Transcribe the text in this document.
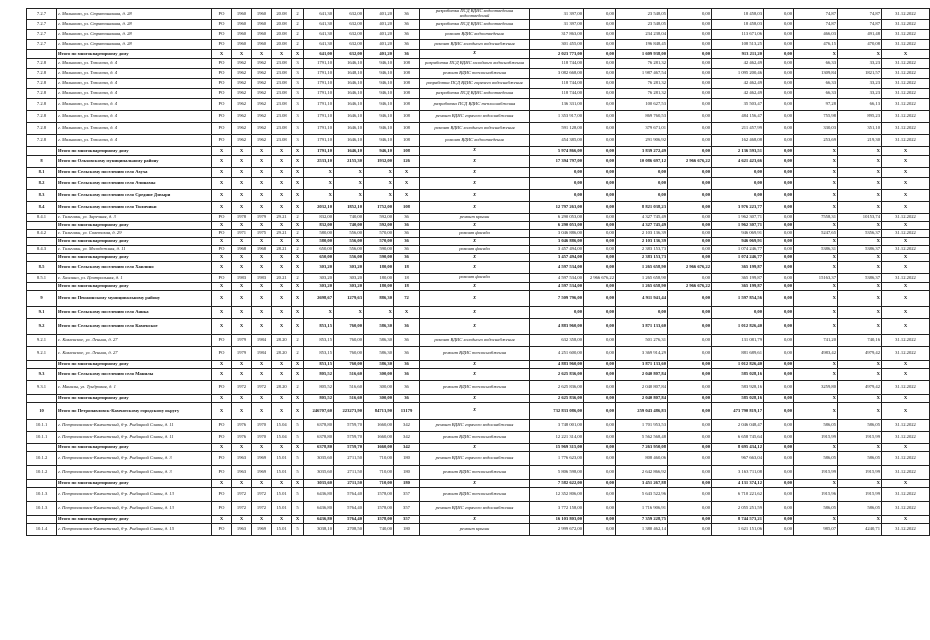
7.2.7	г. Малыково, ул. Стратонавная, д. 28	РО	1960	1960	20.08	2	641,30	632,00	401,20	36	разработка ПСД ВДИС водоотведения водоотведений	31 397,00	0,00	23 548,05	0,00	18 458,03	0,00	74,87	74,87	31.12.2022
7.2.7	г. Малыково, ул. Стратонавная, д. 28	РО	1960	1960	20.08	2	641,30	632,00	401,20	36	разработка ПСД ВДИС водоотведения	31 397,00	0,00	23 548,05	0,00	18 458,03	0,00	74,87	74,87	31.12.2022
7.2.7	г. Малыково, ул. Стратонавная, д. 28	РО	1960	1960	20.08	2	641,30	632,00	401,20	36	ремонт ВДИС водоотведения	317 863,00	0,00	234 238,04	0,00	113 671,06	0,00	466,03	491,48	31.12.2022
7.2.7	г. Малыково, ул. Стратонавная, д. 28	РО	1960	1960	20.08	2	641,30	632,00	401,20	36	ремонт ВДИС холодного водоснабжения	301 455,00	0,00	196 848,45	0,00	108 513,25	0,00	476,15	470,08	31.12.2022
	Итого по многоквартирному дому	Х	Х	Х	Х	Х	641,00	632,00	401,20	36	Х	2 023 773,00	0,00	1 609 938,00	0,00	913 211,20	0,00	Х	Х	Х
7.2.8	г. Малыково, ул. Тополева, д. 4	РО	1962	1962	23.08	3	1791,10	1646,10	946,10	108	разработка ПСД ВДИС холодного водоснабжения	118 744,00	0,00	76 281,32	0,00	42 462,49	0,00	66,33	33,23	31.12.2022
7.2.8	г. Малыково, ул. Тополева, д. 4	РО	1962	1962	23.08	3	1791,10	1648,10	946,10	108	ремонт ВДИС теплоснабжения	3 082 668,00	0,00	1 987 467,54	0,00	1 095 200,46	0,00	1309,84	1821,57	31.12.2022
7.2.8	г. Малыково, ул. Тополева, д. 4	РО	1962	1962	23.08	3	1791,10	1646,10	946,10	108	разработка ПСД ВДИС горячего водоснабжения	118 744,00	0,00	76 281,32	0,00	42 462,49	0,00	66,33	33,23	31.12.2022
7.2.8	г. Малыково, ул. Тополева, д. 4	РО	1962	1962	23.08	3	1791,10	1646,10	946,10	108	разработка ПСД ВДИС водоотведения	118 744,00	0,00	76 281,32	0,00	42 462,49	0,00	66,33	33,23	31.12.2022
7.2.8	г. Малыково, ул. Тополева, д. 4	РО	1962	1962	23.08	3	1791,10	1646,10	946,10	108	разработка ПСД ВДИС теплоснабжения	136 331,00	0,00	100 627,53	0,00	35 503,47	0,00	97,28	66,13	31.12.2022
7.2.8	г. Малыково, ул. Тополева, д. 4	РО	1962	1962	23.08	3	1791,10	1646,10	946,10	108	ремонт ВДИС горячего водоснабжения	1 353 917,00	0,00	869 760,53	0,00	484 156,47	0,00	755,98	895,23	31.12.2022
7.2.8	г. Малыково, ул. Тополева, д. 4	РО	1962	1962	23.08	3	1791,10	1646,10	946,10	108	ремонт ВДИС холодного водоснабжения	591 128,00	0,00	379 671,01	0,00	211 457,99	0,00	330,03	351,10	31.12.2022
7.2.8	г. Малыково, ул. Тополева, д. 4	РО	1962	1962	23.08	3	1791,10	1646,10	946,10	108	ремонт ВДИС водоотведения	454 385,00	0,00	291 906,92	0,00	162 468,08	0,00	253,69	219,30	31.12.2022
	Итого по многоквартирному дому	Х	Х	Х	Х	Х	1791,10	1646,10	946,10	108	Х	5 974 866,00	0,00	3 839 272,49	0,00	2 136 593,51	0,00	Х	Х	Х
8	Итого по Ольховскому муниципальному району	Х	Х	Х	Х	Х	2533,10	2155,30	1932,00	126	Х	17 394 797,00	0,00	10 086 697,12	2 966 676,22	4 621 423,66	0,00	Х	Х	Х
8.1	Итого по Сельскому поселению село Ахуха	Х	Х	Х	Х	Х	Х	Х	Х	Х	Х	0,00	0,00	0,00	0,00	0,00	0,00	Х	Х	Х
8.2	Итого по Сельскому поселению село Ачинамы	Х	Х	Х	Х	Х	Х	Х	Х	Х	Х	0,00	0,00	0,00	0,00	0,00	0,00	Х	Х	Х
8.3	Итого по Сельскому поселению село Средние Дэвыри	Х	Х	Х	Х	Х	Х	Х	Х	Х	Х	0,00	0,00	0,00	0,00	0,00	0,00	Х	Х	Х
8.4	Итого по Сельскому поселению село Тиличики	Х	Х	Х	Х	Х	2032,10	1852,10	1752,00	108	Х	12 797 263,00	0,00	8 821 038,23	0,00	3 976 223,77	0,00	Х	Х	Х
8.4.1	с. Тиличики, ул. Заречная, д. 3	РО	1978	1979	29.21	2	832,00	740,00	592,00	36	ремонт крыши	6 290 053,00	0,00	4 327 745,49	0,00	1 962 307,71	0,00	7558,31	10153,74	31.12.2022
	Итого по многоквартирному дому	Х	Х	Х	Х	Х	832,00	740,00	592,00	36	Х	6 290 053,00	0,00	4 327 745,49	0,00	1 962 307,71	0,00	Х	Х	Х
8.4.2	с. Тиличики, ул. Советская, д. 29	РО	1971	1975	29.21	2	580,00	556,00	570,00	36	ремонт фасада	3 046 886,00	0,00	2 103 136,39	0,00	946 069,91	0,00	5247,65	5356,37	31.12.2022
	Итого по многоквартирному дому	Х	Х	Х	Х	Х	580,00	556,00	570,00	36	Х	3 046 886,00	0,00	2 103 136,39	0,00	946 069,91	0,00	Х	Х	Х
8.4.3	с. Тиличики, ул. Молодежная, д. 11	РО	1968	1968	28.21	2	650,00	556,00	590,00	36	ремонт фасада	3 457 494,00	0,00	2 383 153,73	0,00	1 074 246,77	0,00	5386,31	5386,37	31.12.2022
	Итого по многоквартирному дому	Х	Х	Х	Х	Х	650,00	556,00	590,00	36	Х	3 457 494,00	0,00	2 383 153,73	0,00	1 074 246,77	0,00	Х	Х	Х
8.5	Итого по Сельскому поселению село Хаилино	Х	Х	Х	Х	Х	303,20	303,20	180,00	18	Х	4 597 534,00	0,00	1 265 658,90	2 966 676,22	365 199,87	0,00	Х	Х	Х
8.5.1	с. Хаилино, ул. Центральная, д. 1	РО	1983	1983	20.21	2	303,20	303,20	180,00	18	ремонт фасада	4 597 534,00	2 966 676,22	1 265 658,90	0,00	365 199,87	0,00	15163,37	5386,37	31.12.2022
	Итого по многоквартирному дому	Х	Х	Х	Х	Х	303,20	303,20	180,00	18	Х	4 597 534,00	0,00	1 265 658,90	2 966 676,22	365 199,87	0,00	Х	Х	Х
9	Итого по Пенжинскому муниципальному району	Х	Х	Х	Х	Х	2698,67	1279,63	886,30	72	Х	7 509 796,00	0,00	4 911 941,44	0,00	1 597 854,56	0,00	Х	Х	Х
9.1	Итого по Сельскому поселению село Аянка	Х	Х	Х	Х	Х	Х	Х	Х	Х	Х	0,00	0,00	0,00	0,00	0,00	0,00	Х	Х	Х
9.2	Итого по Сельскому поселению село Каменское	Х	Х	Х	Х	Х	853,15	760,00	586,30	36	Х	4 883 960,00	0,00	3 871 133,60	0,00	1 012 826,40	0,00	Х	Х	Х
9.2.1	с. Каменское, ул. Ленина, д. 27	РО	1979	1984	28.20	2	853,15	760,00	586,30	36	ремонт ВДИС холодного водоснабжения	632 358,00	0,00	501 276,31	0,00	131 081,79	0,00	741,20	740,16	31.12.2022
9.2.1	с. Каменское, ул. Ленина, д. 27	РО	1979	1984	28.20	2	853,15	760,00	586,30	36	ремонт ВДИС теплоснабжения	4 251 600,00	0,00	3 369 914,29	0,00	881 689,61	0,00	4983,42	4979,42	31.12.2022
	Итого по многоквартирному дому	Х	Х	Х	Х	Х	853,15	760,00	586,30	36	Х	4 883 960,00	0,00	3 871 133,60	0,00	1 012 826,40	0,00	Х	Х	Х
9.3	Итого по Сельскому поселению село Манилы	Х	Х	Х	Х	Х	805,52	516,60	300,00	36	Х	2 625 836,00	0,00	2 040 807,84	0,00	585 028,16	0,00	Х	Х	Х
9.3.1	с. Манилы, ул. Тундровая, д. 1	РО	1972	1972	28.20	2	805,52	516,60	300,00	36	ремонт ВДИС теплоснабжения	2 625 836,00	0,00	2 040 807,84	0,00	583 928,16	0,00	3259,80	4979,42	31.12.2022
	Итого по многоквартирному дому	Х	Х	Х	Х	Х	805,52	516,60	300,00	36	Х	2 625 836,00	0,00	2 040 807,84	0,00	585 028,16	0,00	Х	Х	Х
10	Итого по Петропавловск-Камчатскому городскому округу	Х	Х	Х	Х	Х	246707,60	223273,90	84713,90	13179	Х	732 833 086,00	0,00	259 043 486,83	0,00	473 790 819,17	0,00	Х	Х	Х
10.1.1	г. Петропавловск-Камчатский, б-р. Рыбацкой Славы, д. 11	РО	1976	1970	15.04	5	6378,80	5759,70	1660,00	342	ремонт ВДИС горячего водоснабжения	3 748 001,00	0,00	1 701 953,53	0,00	2 046 048,47	0,00	586,05	586,05	31.12.2022
10.1.1	г. Петропавловск-Камчатский, б-р. Рыбацкой Славы, д. 11	РО	1976	1970	15.04	5	6378,80	5759,70	1660,00	342	ремонт ВДИС теплоснабжения	12 221 314,00	0,00	5 562 568,48	0,00	6 658 745,64	0,00	1915,99	1915,99	31.12.2022
	Итого по многоквартирному дому	Х	Х	Х	Х	Х	6378,80	5759,70	1660,00	342	Х	15 969 315,00	0,00	7 263 950,08	0,00	8 695 434,12	0,00	Х	Х	Х
10.1.2	г. Петропавловск-Камчатский, б-р. Рыбацкой Славы, д. 3	РО	1963	1969	15.01	5	3035,60	2711,50	710,00	180	ремонт ВДИС горячего водоснабжения	1 776 623,00	0,00	808 460,06	0,00	967 663,04	0,00	586,05	586,05	31.12.2022
10.1.2	г. Петропавловск-Камчатский, б-р. Рыбацкой Славы, д. 3	РО	1963	1969	15.01	5	3035,60	2711,50	710,00	180	ремонт ВДИС теплоснабжения	5 806 598,00	0,00	2 642 866,92	0,00	3 163 711,08	0,00	1915,99	1915,99	31.12.2022
	Итого по многоквартирному дому	Х	Х	Х	Х	Х	3035,60	2711,50	710,00	180	Х	7 582 622,00	0,00	3 451 267,88	0,00	4 131 374,12	0,00	Х	Х	Х
10.1.3	г. Петропавловск-Камчатский, б-р. Рыбацкой Славы, д. 13	РО	1972	1972	15.01	5	6436,80	5764,40	1578,00	357	ремонт ВДИС теплоснабжения	12 352 806,00	0,00	5 643 522,96	0,00	6 710 221,62	0,00	1915,96	1915,99	31.12.2022
10.1.3	г. Петропавловск-Камчатский, б-р. Рыбацкой Славы, д. 13	РО	1972	1972	15.01	5	6436,80	5764,40	1578,00	357	ремонт ВДИС горячего водоснабжения	3 772 158,00	0,00	1 716 906,91	0,00	2 055 251,59	0,00	586,05	586,05	31.12.2022
	Итого по многоквартирному дому	Х	Х	Х	Х	Х	6436,80	5764,40	1578,00	357	Х	16 103 803,00	0,00	7 359 228,75	0,00	8 744 573,21	0,00	Х	Х	Х
10.1.4	г. Петропавловск-Камчатский, б-р. Рыбацкой Славы, д. 15	РО	1963	1969	15.01	5	3038,10	2708,50	740,00	180	ремонт крыши	2 999 672,00	0,00	1 380 462,14	0,00	1 621 151,06	0,00	985,07	4240,71	31.12.2022
